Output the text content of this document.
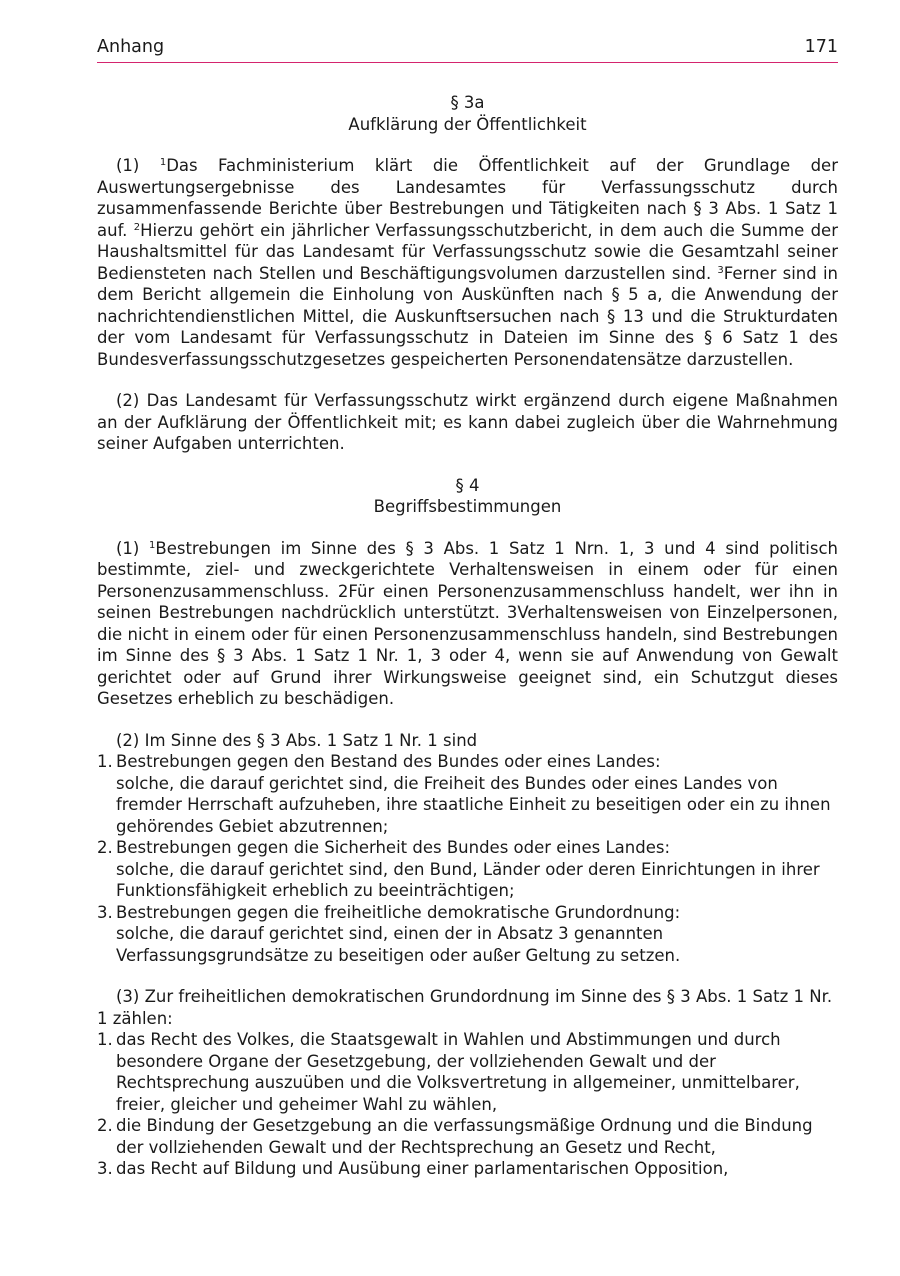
Anhang	171
§ 3a
Aufklärung der Öffentlichkeit

(1) $^1$Das Fachministerium klärt die Öffentlichkeit auf der Grundlage der Auswertungsergebnisse des Landesamtes für Verfassungsschutz durch zusammenfassende Berichte über Bestrebungen und Tätigkeiten nach § 3 Abs. 1 Satz 1 auf. $^2$Hierzu gehört ein jährlicher Verfassungsschutzbericht, in dem auch die Summe der Haushaltsmittel für das Landesamt für Verfassungsschutz sowie die Gesamtzahl seiner Bediensteten nach Stellen und Beschäftigungsvolumen darzustellen sind. $^3$Ferner sind in dem Bericht allgemein die Einholung von Auskünften nach § 5 a, die Anwendung der nachrichtendienstlichen Mittel, die Auskunftsersuchen nach § 13 und die Strukturdaten der vom Landesamt für Verfassungsschutz in Dateien im Sinne des § 6 Satz 1 des Bundesverfassungsschutzgesetzes gespeicherten Personendatensätze darzustellen.

(2) Das Landesamt für Verfassungsschutz wirkt ergänzend durch eigene Maßnahmen an der Aufklärung der Öffentlichkeit mit; es kann dabei zugleich über die Wahrnehmung seiner Aufgaben unterrichten.

§ 4
Begriffsbestimmungen

(1) $^1$Bestrebungen im Sinne des § 3 Abs. 1 Satz 1 Nrn. 1, 3 und 4 sind politisch bestimmte, ziel- und zweckgerichtete Verhaltensweisen in einem oder für einen Personenzusammenschluss. 2Für einen Personenzusammenschluss handelt, wer ihn in seinen Bestrebungen nachdrücklich unterstützt. 3Verhaltensweisen von Einzelpersonen, die nicht in einem oder für einen Personenzusammenschluss handeln, sind Bestrebungen im Sinne des § 3 Abs. 1 Satz 1 Nr. 1, 3 oder 4, wenn sie auf Anwendung von Gewalt gerichtet oder auf Grund ihrer Wirkungsweise geeignet sind, ein Schutzgut dieses Gesetzes erheblich zu beschädigen.

(2) Im Sinne des § 3 Abs. 1 Satz 1 Nr. 1 sind
1. Bestrebungen gegen den Bestand des Bundes oder eines Landes:
solche, die darauf gerichtet sind, die Freiheit des Bundes oder eines Landes von fremder Herrschaft aufzuheben, ihre staatliche Einheit zu beseitigen oder ein zu ihnen gehörendes Gebiet abzutrennen;
2. Bestrebungen gegen die Sicherheit des Bundes oder eines Landes:
solche, die darauf gerichtet sind, den Bund, Länder oder deren Einrichtungen in ihrer Funktionsfähigkeit erheblich zu beeinträchtigen;
3. Bestrebungen gegen die freiheitliche demokratische Grundordnung:
solche, die darauf gerichtet sind, einen der in Absatz 3 genannten Verfassungsgrundsätze zu beseitigen oder außer Geltung zu setzen.
(3) Zur freiheitlichen demokratischen Grundordnung im Sinne des § 3 Abs. 1 Satz 1 Nr. 1 zählen:
1. das Recht des Volkes, die Staatsgewalt in Wahlen und Abstimmungen und durch besondere Organe der Gesetzgebung, der vollziehenden Gewalt und der Rechtsprechung auszuüben und die Volksvertretung in allgemeiner, unmittelbarer, freier, gleicher und geheimer Wahl zu wählen,
2. die Bindung der Gesetzgebung an die verfassungsmäßige Ordnung und die Bindung der vollziehenden Gewalt und der Rechtsprechung an Gesetz und Recht,
3. das Recht auf Bildung und Ausübung einer parlamentarischen Opposition,
